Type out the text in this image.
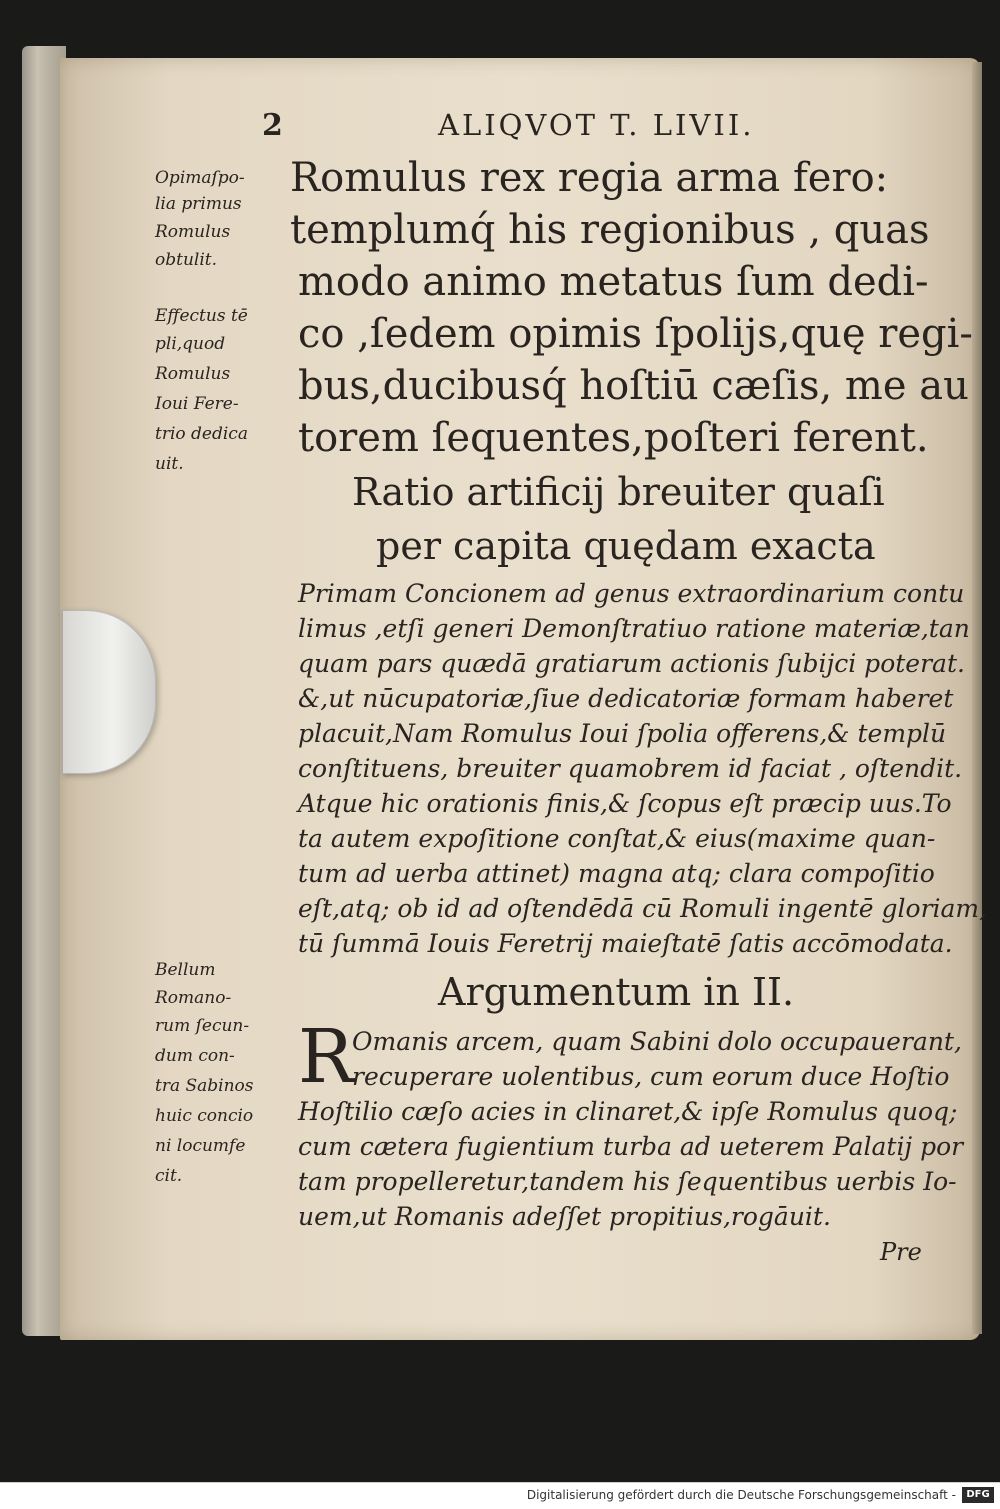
2	ALIQVOT T. LIVII.
Romulus rex regia arma fero:
templumq́ his regionibus , quas
modo animo metatus ſum dedi-
co ,ſedem opimis ſpolijs,quę regi-
bus,ducibusq́ hoſtiū cæſis, me au
torem ſequentes,poſteri ferent.
Ratio artificij breuiter quaſi
per capita quędam exacta
Primam Concionem ad genus extraordinarium contu
limus ,etſi generi Demonſtratiuo ratione materiæ,tan
quam pars quædā gratiarum actionis ſubijci poterat.
&,ut nūcupatoriæ,ſiue dedicatoriæ formam haberet
placuit,Nam Romulus Ioui ſpolia offerens,& templū
conſtituens, breuiter quamobrem id faciat , oſtendit.
Atque hic orationis finis,& ſcopus eſt præcip uus.To
ta autem expoſitione conſtat,& eius(maxime quan-
tum ad uerba attinet) magna atq; clara compoſitio
eſt,atq; ob id ad oſtendēdā cū Romuli ingentē gloriam,
tū ſummā Iouis Feretrij maieſtatē ſatis accōmodata.
Argumentum in II.
R
Omanis arcem, quam Sabini dolo occupauerant,
recuperare uolentibus, cum eorum duce Hoſtio
Hoſtilio cæſo acies in clinaret,& ipſe Romulus quoq;
cum cætera fugientium turba ad ueterem Palatij por
tam propelleretur,tandem his ſequentibus uerbis Io-
uem,ut Romanis adeſſet propitius,rogāuit.
Pre
Opimaſpo-
lia primus
Romulus
obtulit.
Effectus tē
pli,quod
Romulus
Ioui Fere-
trio dedica
uit.
Bellum
Romano-
rum ſecun-
dum con-
tra Sabinos
huic concio
ni locumfe
cit.
Digitalisierung gefördert durch die Deutsche Forschungsgemeinschaft -	DFG
